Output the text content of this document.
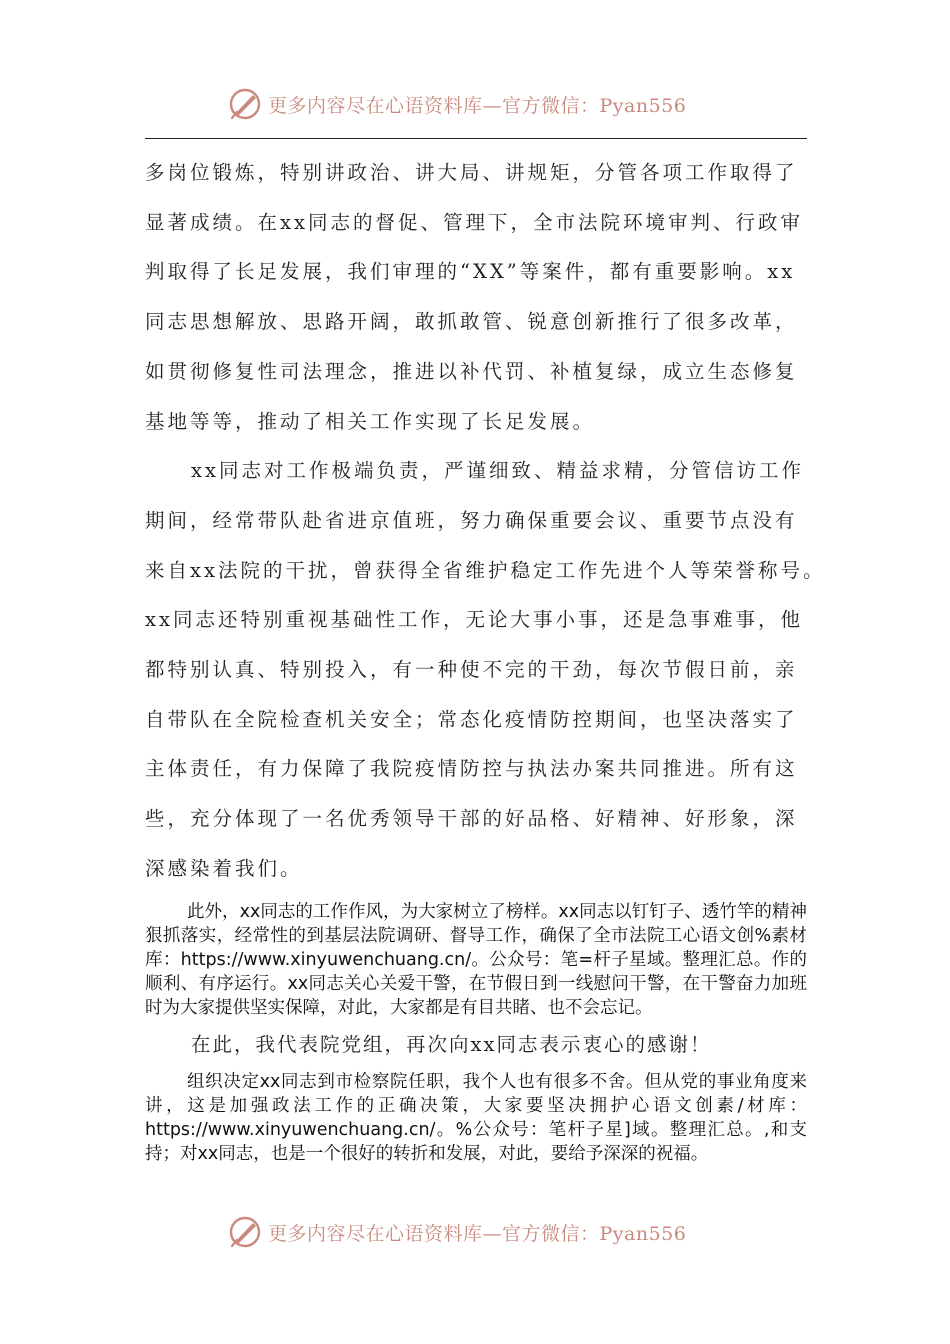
更多内容尽在心语资料库—官方微信：Pyan556

多岗位锻炼，特别讲政治、讲大局、讲规矩，分管各项工作取得了
显著成绩。在xx同志的督促、管理下，全市法院环境审判、行政审
判取得了长足发展，我们审理的“XX”等案件，都有重要影响。xx
同志思想解放、思路开阔，敢抓敢管、锐意创新推行了很多改革，
如贯彻修复性司法理念，推进以补代罚、补植复绿，成立生态修复
基地等等，推动了相关工作实现了长足发展。

xx同志对工作极端负责，严谨细致、精益求精，分管信访工作
期间，经常带队赴省进京值班，努力确保重要会议、重要节点没有
来自xx法院的干扰，曾获得全省维护稳定工作先进个人等荣誉称号。
xx同志还特别重视基础性工作，无论大事小事，还是急事难事，他
都特别认真、特别投入，有一种使不完的干劲，每次节假日前，亲
自带队在全院检查机关安全；常态化疫情防控期间，也坚决落实了
主体责任，有力保障了我院疫情防控与执法办案共同推进。所有这
些，充分体现了一名优秀领导干部的好品格、好精神、好形象，深
深感染着我们。

此外，xx同志的工作作风，为大家树立了榜样。xx同志以钉钉子、透竹竿的精神狠抓落实，经常性的到基层法院调研、督导工作，确保了全市法院工心语文创%素材库：https://www.xinyuwenchuang.cn/。公众号：笔=杆子星域。整理汇总。作的顺利、有序运行。xx同志关心关爱干警，在节假日到一线慰问干警，在干警奋力加班时为大家提供坚实保障，对此，大家都是有目共睹、也不会忘记。

在此，我代表院党组，再次向xx同志表示衷心的感谢！

组织决定xx同志到市检察院任职，我个人也有很多不舍。但从党的事业角度来讲，这是加强政法工作的正确决策，大家要坚决拥护心语文创素/材库：https://www.xinyuwenchuang.cn/。%公众号：笔杆子星]域。整理汇总。,和支持；对xx同志，也是一个很好的转折和发展，对此，要给予深深的祝福。

更多内容尽在心语资料库—官方微信：Pyan556
